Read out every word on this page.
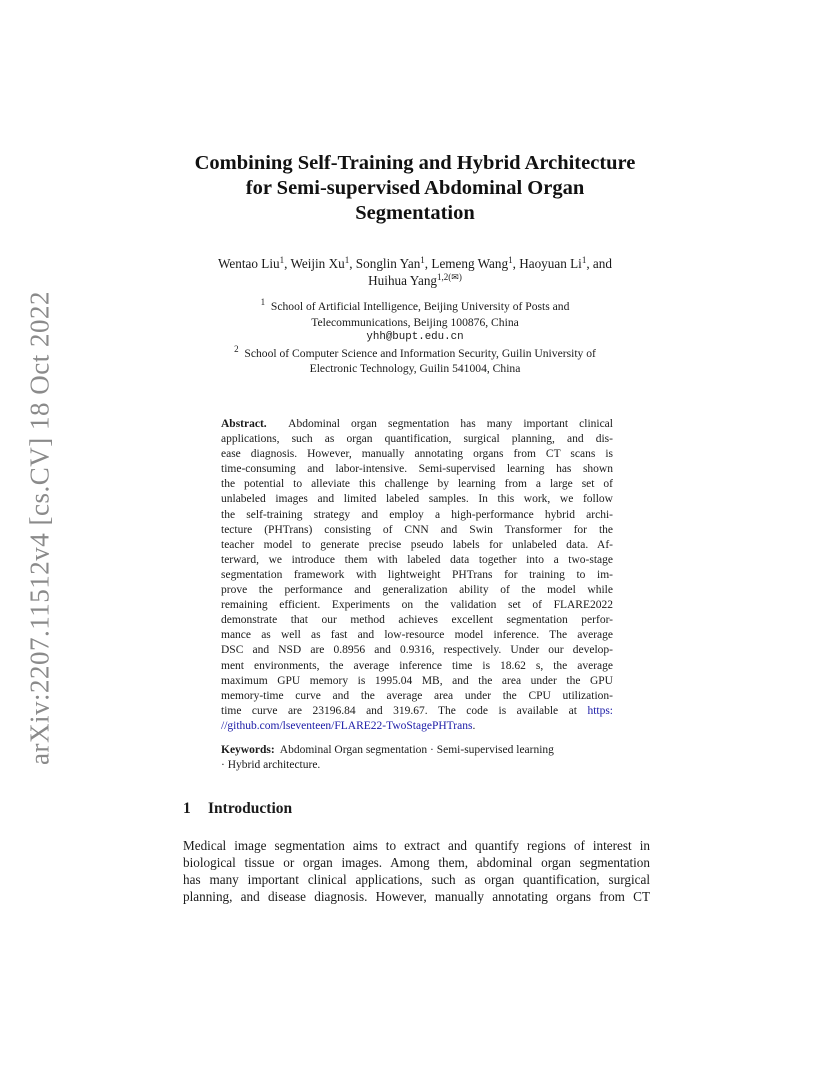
arXiv:2207.11512v4 [cs.CV] 18 Oct 2022
Combining Self-Training and Hybrid Architecture
for Semi-supervised Abdominal Organ
Segmentation
Wentao Liu$^1$, Weijin Xu$^1$, Songlin Yan$^1$, Lemeng Wang$^1$, Haoyuan Li$^1$, and
Huihua Yang$^{1,2(✉)}$
$^1$ School of Artificial Intelligence, Beijing University of Posts and
Telecommunications, Beijing 100876, China
yhh@bupt.edu.cn
$^2$ School of Computer Science and Information Security, Guilin University of
Electronic Technology, Guilin 541004, China
Abstract. Abdominal organ segmentation has many important clinical
applications, such as organ quantification, surgical planning, and dis-
ease diagnosis. However, manually annotating organs from CT scans is
time-consuming and labor-intensive. Semi-supervised learning has shown
the potential to alleviate this challenge by learning from a large set of
unlabeled images and limited labeled samples. In this work, we follow
the self-training strategy and employ a high-performance hybrid archi-
tecture (PHTrans) consisting of CNN and Swin Transformer for the
teacher model to generate precise pseudo labels for unlabeled data. Af-
terward, we introduce them with labeled data together into a two-stage
segmentation framework with lightweight PHTrans for training to im-
prove the performance and generalization ability of the model while
remaining efficient. Experiments on the validation set of FLARE2022
demonstrate that our method achieves excellent segmentation perfor-
mance as well as fast and low-resource model inference. The average
DSC and NSD are 0.8956 and 0.9316, respectively. Under our develop-
ment environments, the average inference time is 18.62 s, the average
maximum GPU memory is 1995.04 MB, and the area under the GPU
memory-time curve and the average area under the CPU utilization-
time curve are 23196.84 and 319.67. The code is available at https:
//github.com/lseventeen/FLARE22-TwoStagePHTrans.
Keywords: Abdominal Organ segmentation · Semi-supervised learning
· Hybrid architecture.
1 Introduction
Medical image segmentation aims to extract and quantify regions of interest in
biological tissue or organ images. Among them, abdominal organ segmentation
has many important clinical applications, such as organ quantification, surgical
planning, and disease diagnosis. However, manually annotating organs from CT
